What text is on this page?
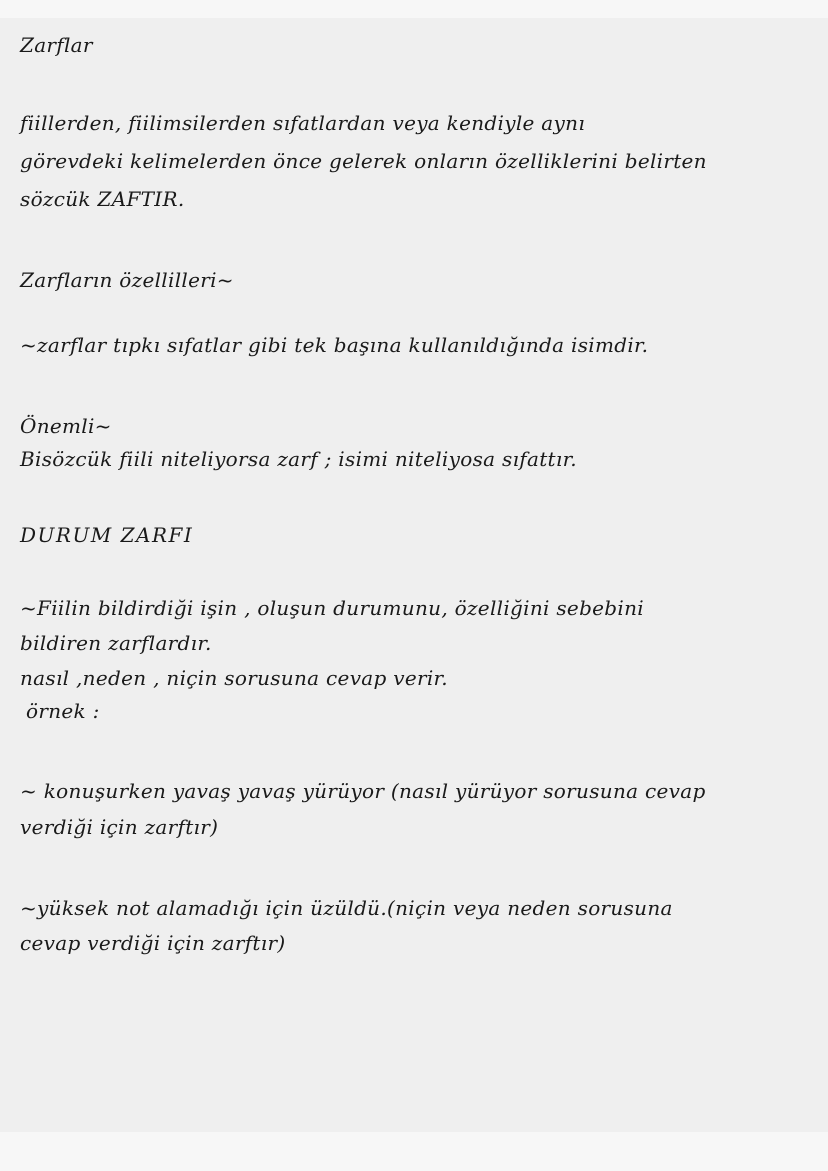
Zarflar
fiillerden, fiilimsilerden sıfatlardan veya kendiyle aynı
görevdeki kelimelerden önce gelerek onların özelliklerini belirten
sözcük ZAFTIR.
Zarfların özellilleri~
~zarflar tıpkı sıfatlar gibi tek başına kullanıldığında isimdir.
Önemli~
Bisözcük fiili niteliyorsa zarf ; isimi niteliyosa sıfattır.
DURUM ZARFI
~Fiilin bildirdiği işin , oluşun durumunu, özelliğini sebebini
bildiren zarflardır.
nasıl ,neden , niçin sorusuna cevap verir.
örnek :
~ konuşurken yavaş yavaş yürüyor (nasıl yürüyor sorusuna cevap
verdiği için zarftır)
~yüksek not alamadığı için üzüldü.(niçin veya neden sorusuna
cevap verdiği için zarftır)
